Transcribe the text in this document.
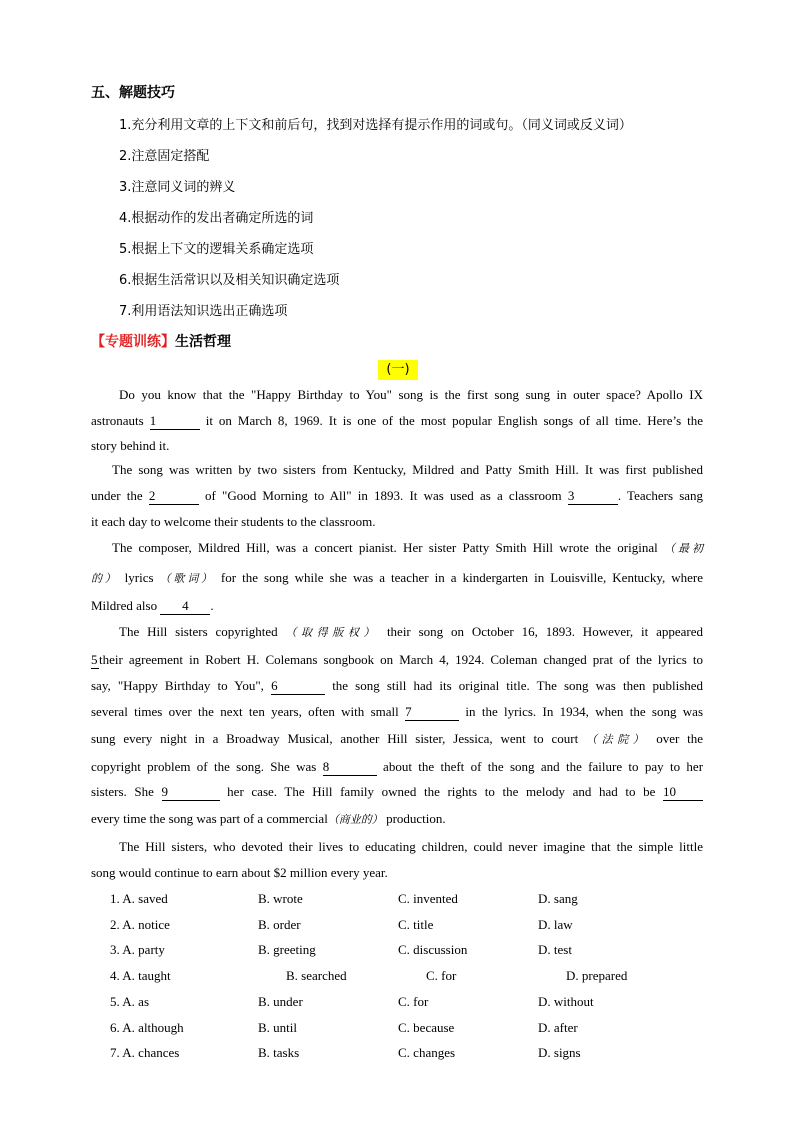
五、解题技巧
1.充分利用文章的上下文和前后句，找到对选择有提示作用的词或句。（同义词或反义词）
2.注意固定搭配
3.注意同义词的辨义
4.根据动作的发出者确定所选的词
5.根据上下文的逻辑关系确定选项
6.根据生活常识以及相关知识确定选项
7.利用语法知识选出正确选项
【专题训练】生活哲理
(一)
Do you know that the "Happy Birthday to You" song is the first song sung in outer space? Apollo IX
astronauts 1	it on March 8, 1969. It is one of the most popular English songs of all time. Here’s the
story behind it.
The song was written by two sisters from Kentucky, Mildred and Patty Smith Hill. It was first published
under the 2	of "Good Morning to All" in 1893. It was used as a classroom 3	. Teachers sang
it each day to welcome their students to the classroom.
The composer, Mildred Hill, was a concert pianist. Her sister Patty Smith Hill wrote the original （最初
的） lyrics （歌词） for the song while she was a teacher in a kindergarten in Louisville, Kentucky, where
Mildred also 4 .
The Hill sisters copyrighted （取得版权） their song on October 16, 1893. However, it appeared
5 their agreement in Robert H. Colemans songbook on March 4, 1924. Coleman changed prat of the lyrics to
say, "Happy Birthday to You", 6	the song still had its original title. The song was then published
several times over the next ten years, often with small 7	in the lyrics. In 1934, when the song was
sung every night in a Broadway Musical, another Hill sister, Jessica, went to court （法院） over the
copyright problem of the song. She was 8	about the theft of the song and the failure to pay to her
sisters. She 9	her case. The Hill family owned the rights to the melody and had to be 10
every time the song was part of a commercial（商业的） production.
The Hill sisters, who devoted their lives to educating children, could never imagine that the simple little
song would continue to earn about $2 million every year.
1. A. saved	B. wrote	C. invented	D. sang
2. A. notice	B. order	C. title	D. law
3. A. party	B. greeting	C. discussion	D. test
4. A. taught	B. searched	C. for	D. prepared
5. A. as	B. under	C. for	D. without
6. A. although	B. until	C. because	D. after
7. A. chances	B. tasks	C. changes	D. signs
